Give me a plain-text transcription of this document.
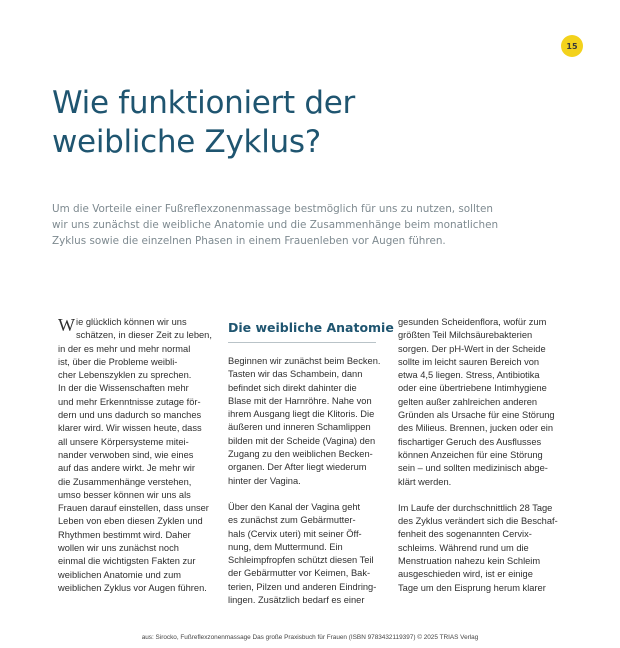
15
Wie funktioniert der
weibliche Zyklus?
Um die Vorteile einer Fußreflexzonenmassage bestmöglich für uns zu nutzen, sollten
wir uns zunächst die weibliche Anatomie und die Zusammenhänge beim monatlichen
Zyklus sowie die einzelnen Phasen in einem Frauenleben vor Augen führen.
W ie glücklich können wir uns
schätzen, in dieser Zeit zu leben,
in der es mehr und mehr normal
ist, über die Probleme weibli-
cher Lebenszyklen zu sprechen.
In der die Wissenschaften mehr
und mehr Erkenntnisse zutage för-
dern und uns dadurch so manches
klarer wird. Wir wissen heute, dass
all unsere Körpersysteme mitei-
nander verwoben sind, wie eines
auf das andere wirkt. Je mehr wir
die Zusammenhänge verstehen,
umso besser können wir uns als
Frauen darauf einstellen, dass unser
Leben von eben diesen Zyklen und
Rhythmen bestimmt wird. Daher
wollen wir uns zunächst noch
einmal die wichtigsten Fakten zur
weiblichen Anatomie und zum
weiblichen Zyklus vor Augen führen.
Die weibliche Anatomie
Beginnen wir zunächst beim Becken.
Tasten wir das Schambein, dann
befindet sich direkt dahinter die
Blase mit der Harnröhre. Nahe von
ihrem Ausgang liegt die Klitoris. Die
äußeren und inneren Schamlippen
bilden mit der Scheide (Vagina) den
Zugang zu den weiblichen Becken-
organen. Der After liegt wiederum
hinter der Vagina.
Über den Kanal der Vagina geht
es zunächst zum Gebärmutter-
hals (Cervix uteri) mit seiner Öff-
nung, dem Muttermund. Ein
Schleimpfropfen schützt diesen Teil
der Gebärmutter vor Keimen, Bak-
terien, Pilzen und anderen Eindring-
lingen. Zusätzlich bedarf es einer
gesunden Scheidenflora, wofür zum
größten Teil Milchsäurebakterien
sorgen. Der pH-Wert in der Scheide
sollte im leicht sauren Bereich von
etwa 4,5 liegen. Stress, Antibiotika
oder eine übertriebene Intimhygiene
gelten außer zahlreichen anderen
Gründen als Ursache für eine Störung
des Milieus. Brennen, jucken oder ein
fischartiger Geruch des Ausflusses
können Anzeichen für eine Störung
sein – und sollten medizinisch abge-
klärt werden.
Im Laufe der durchschnittlich 28 Tage
des Zyklus verändert sich die Beschaf-
fenheit des sogenannten Cervix-
schleims. Während rund um die
Menstruation nahezu kein Schleim
ausgeschieden wird, ist er einige
Tage um den Eisprung herum klarer
aus: Sirocko, Fußreflexzonenmassage Das große Praxisbuch für Frauen (ISBN 9783432119397) © 2025 TRIAS Verlag
